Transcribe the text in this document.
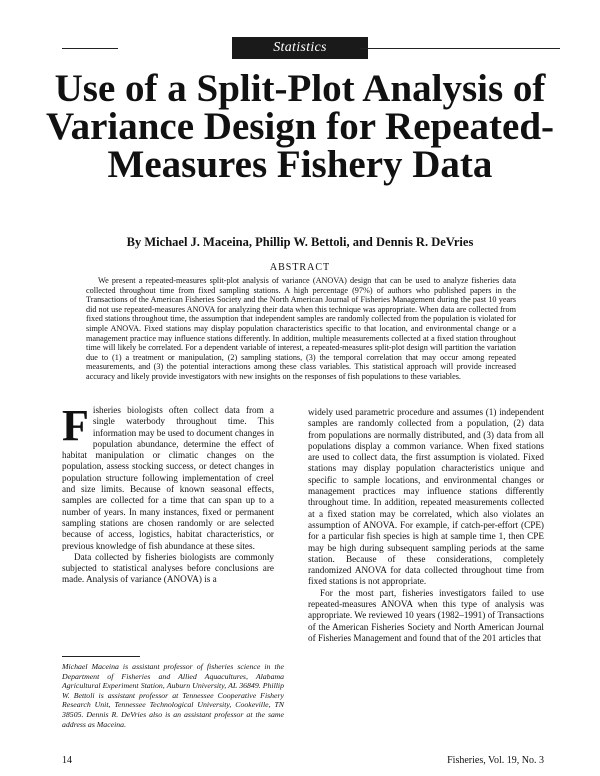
Statistics
Use of a Split-Plot Analysis of Variance Design for Repeated-Measures Fishery Data
By Michael J. Maceina, Phillip W. Bettoli, and Dennis R. DeVries
ABSTRACT

We present a repeated-measures split-plot analysis of variance (ANOVA) design that can be used to analyze fisheries data collected throughout time from fixed sampling stations. A high percentage (97%) of authors who published papers in the Transactions of the American Fisheries Society and the North American Journal of Fisheries Management during the past 10 years did not use repeated-measures ANOVA for analyzing their data when this technique was appropriate. When data are collected from fixed stations throughout time, the assumption that independent samples are randomly collected from the population is violated for simple ANOVA. Fixed stations may display population characteristics specific to that location, and environmental change or a management practice may influence stations differently. In addition, multiple measurements collected at a fixed station throughout time will likely be correlated. For a dependent variable of interest, a repeated-measures split-plot design will partition the variation due to (1) a treatment or manipulation, (2) sampling stations, (3) the temporal correlation that may occur among repeated measurements, and (3) the potential interactions among these class variables. This statistical approach will provide increased accuracy and likely provide investigators with new insights on the responses of fish populations to these variables.

F isheries biologists often collect data from a single waterbody throughout time. This information may be used to document changes in population abundance, determine the effect of habitat manipulation or climatic changes on the population, assess stocking success, or detect changes in population structure following implementation of creel and size limits. Because of known seasonal effects, samples are collected for a time that can span up to a number of years. In many instances, fixed or permanent sampling stations are chosen randomly or are selected because of access, logistics, habitat characteristics, or previous knowledge of fish abundance at these sites.

Data collected by fisheries biologists are commonly subjected to statistical analyses before conclusions are made. Analysis of variance (ANOVA) is a

widely used parametric procedure and assumes (1) independent samples are randomly collected from a population, (2) data from populations are normally distributed, and (3) data from all populations display a common variance. When fixed stations are used to collect data, the first assumption is violated. Fixed stations may display population characteristics unique and specific to sample locations, and environmental changes or management practices may influence stations differently throughout time. In addition, repeated measurements collected at a fixed station may be correlated, which also violates an assumption of ANOVA. For example, if catch-per-effort (CPE) for a particular fish species is high at sample time 1, then CPE may be high during subsequent sampling periods at the same station. Because of these considerations, completely randomized ANOVA for data collected throughout time from fixed stations is not appropriate.

For the most part, fisheries investigators failed to use repeated-measures ANOVA when this type of analysis was appropriate. We reviewed 10 years (1982–1991) of Transactions of the American Fisheries Society and North American Journal of Fisheries Management and found that of the 201 articles that

Michael Maceina is assistant professor of fisheries science in the Department of Fisheries and Allied Aquacultures, Alabama Agricultural Experiment Station, Auburn University, AL 36849. Phillip W. Bettoli is assistant professor at Tennessee Cooperative Fishery Research Unit, Tennessee Technological University, Cookeville, TN 38505. Dennis R. DeVries also is an assistant professor at the same address as Maceina.

14	Fisheries, Vol. 19, No. 3
